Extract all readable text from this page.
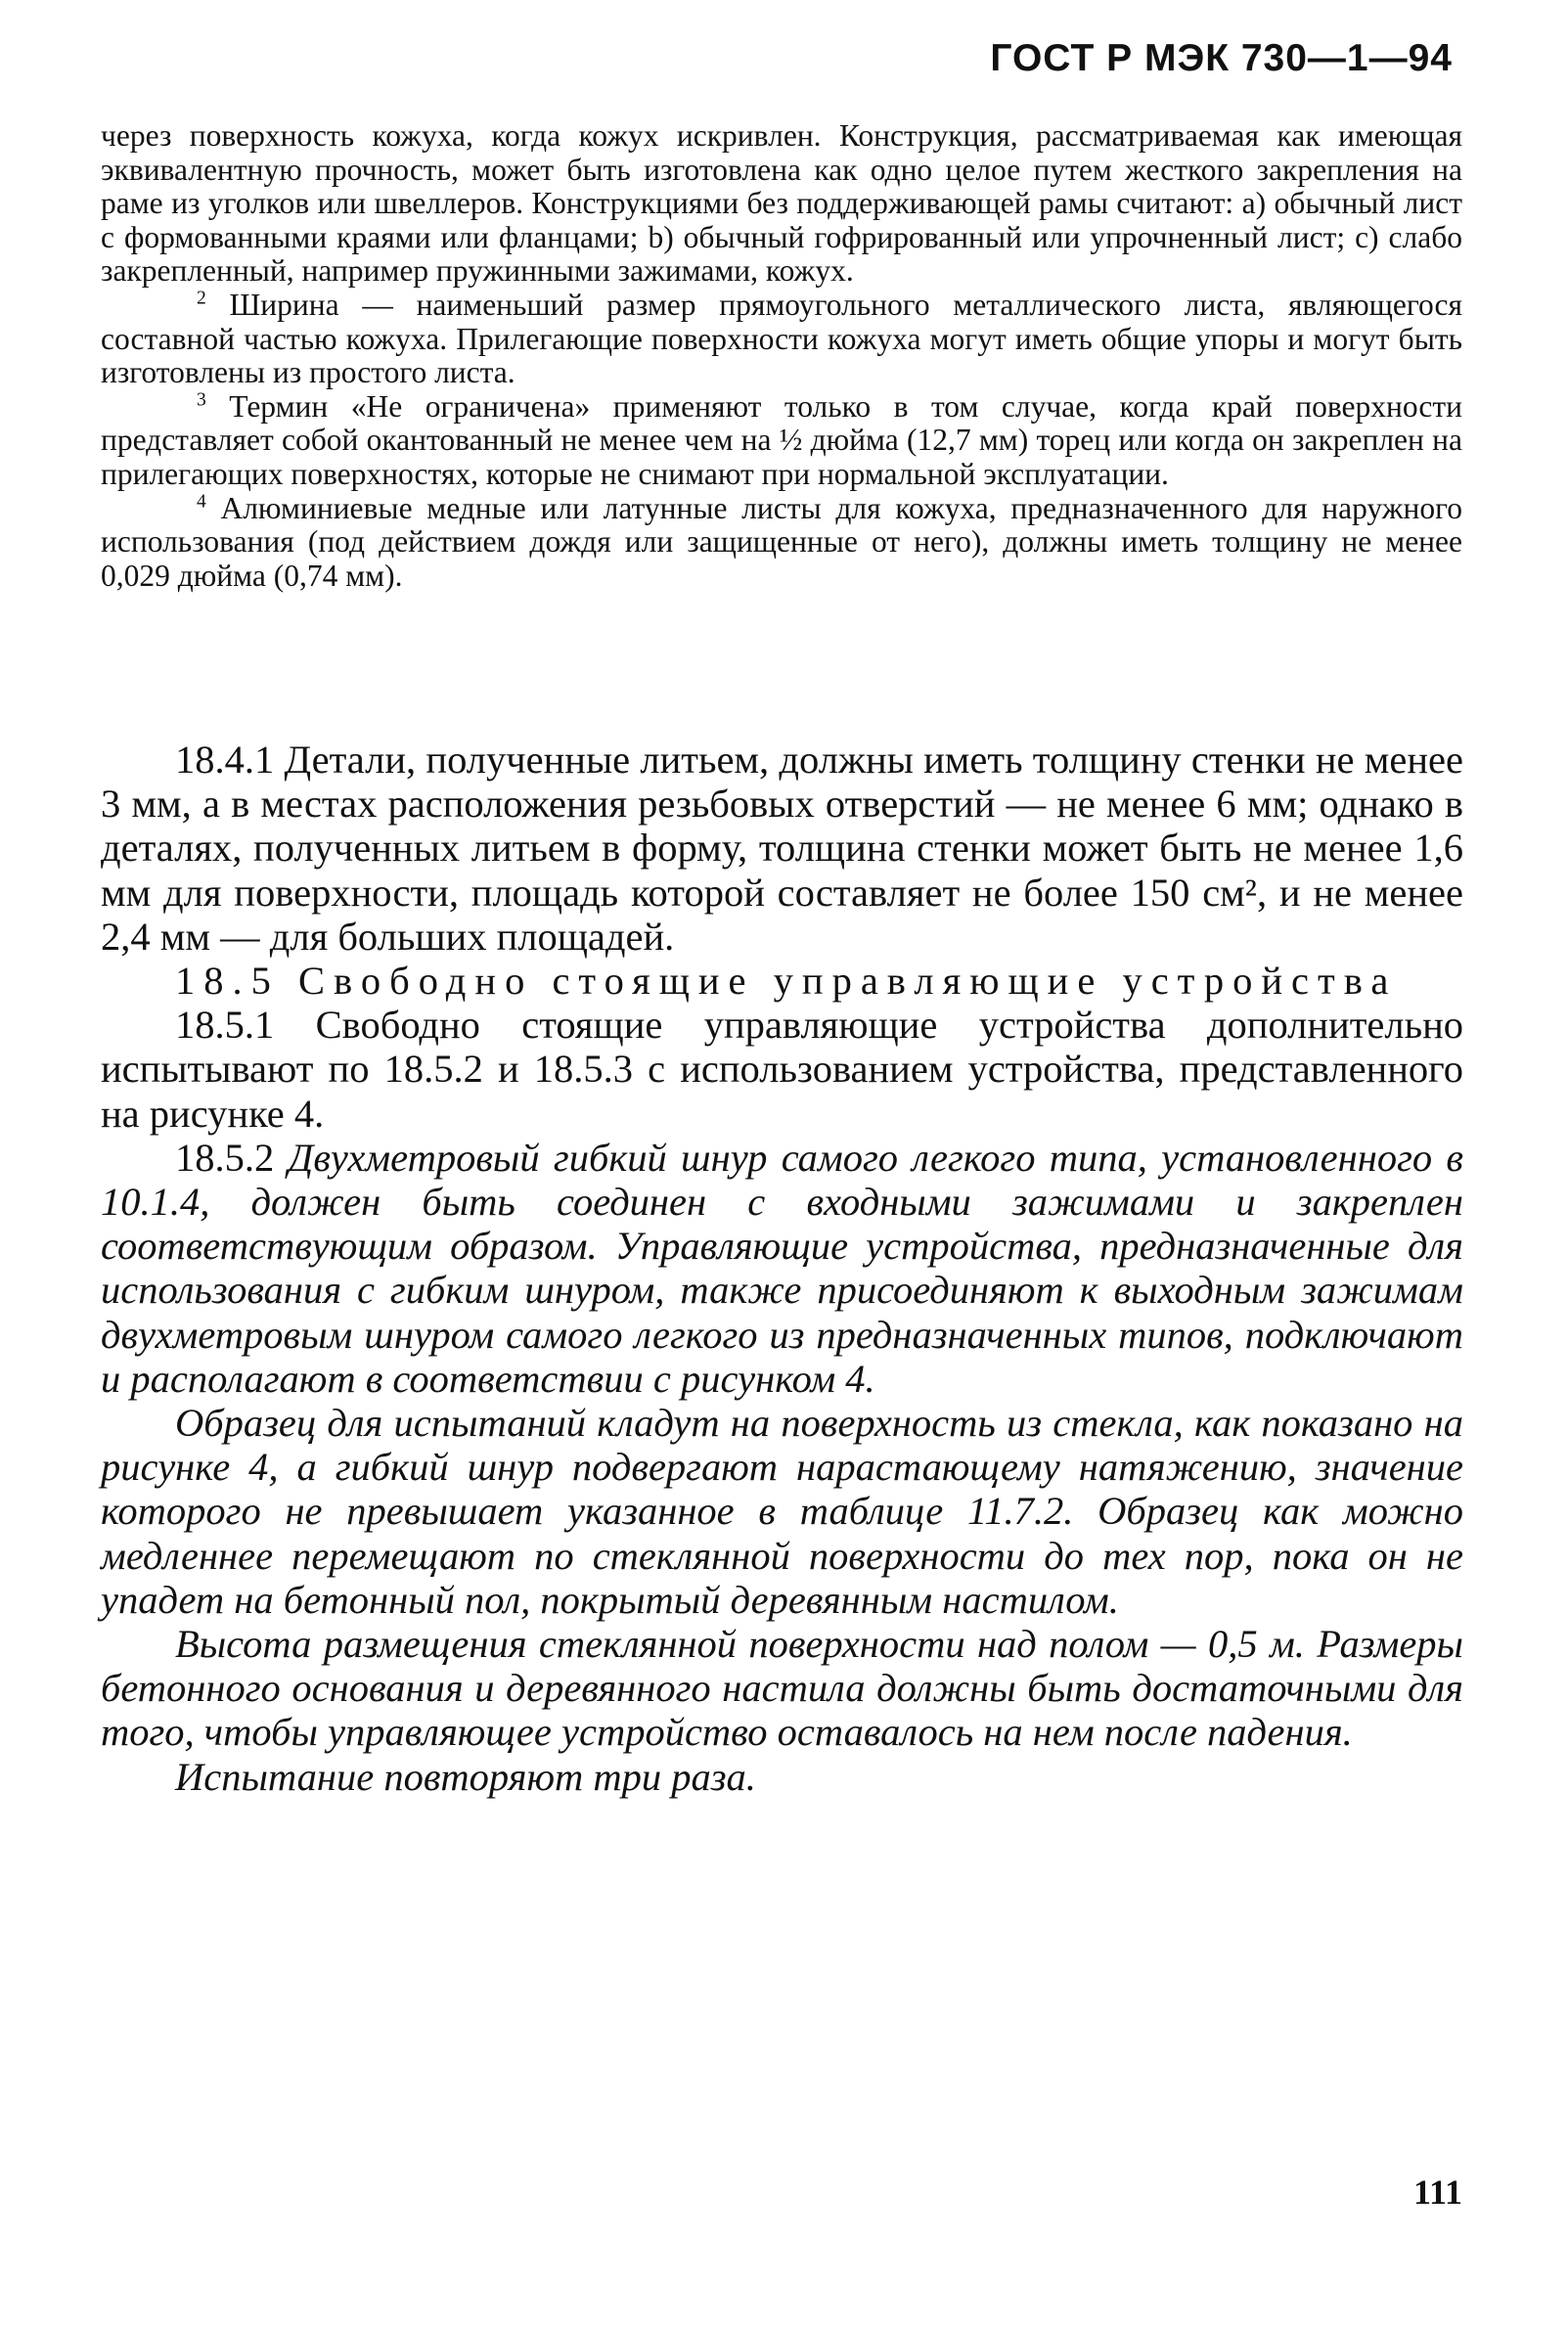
ГОСТ Р МЭК 730—1—94

через поверхность кожуха, когда кожух искривлен. Конструкция, рассматриваемая как имеющая эквивалентную прочность, может быть изготовлена как одно целое путем жесткого закрепления на раме из уголков или швеллеров. Конструкциями без поддерживающей рамы считают: а) обычный лист с формованными краями или фланцами; b) обычный гофрированный или упрочненный лист; с) слабо закрепленный, например пружинными зажимами, кожух.

$^2$ Ширина — наименьший размер прямоугольного металлического листа, являющегося составной частью кожуха. Прилегающие поверхности кожуха могут иметь общие упоры и могут быть изготовлены из простого листа.

$^3$ Термин «Не ограничена» применяют только в том случае, когда край поверхности представляет собой окантованный не менее чем на ½ дюйма (12,7 мм) торец или когда он закреплен на прилегающих поверхностях, которые не снимают при нормальной эксплуатации.

$^4$ Алюминиевые медные или латунные листы для кожуха, предназначенного для наружного использования (под действием дождя или защищенные от него), должны иметь толщину не менее 0,029 дюйма (0,74 мм).

18.4.1 Детали, полученные литьем, должны иметь толщину стенки не менее 3 мм, а в местах расположения резьбовых отверстий — не менее 6 мм; однако в деталях, полученных литьем в форму, толщина стенки может быть не менее 1,6 мм для поверхности, площадь которой составляет не более 150 см², и не менее 2,4 мм — для больших площадей.

18.5 Свободно стоящие управляющие устройства

18.5.1 Свободно стоящие управляющие устройства дополнительно испытывают по 18.5.2 и 18.5.3 с использованием устройства, представленного на рисунке 4.

18.5.2 Двухметровый гибкий шнур самого легкого типа, установленного в 10.1.4, должен быть соединен с входными зажимами и закреплен соответствующим образом. Управляющие устройства, предназначенные для использования с гибким шнуром, также присоединяют к выходным зажимам двухметровым шнуром самого легкого из предназначенных типов, подключают и располагают в соответствии с рисунком 4.

Образец для испытаний кладут на поверхность из стекла, как показано на рисунке 4, а гибкий шнур подвергают нарастающему натяжению, значение которого не превышает указанное в таблице 11.7.2. Образец как можно медленнее перемещают по стеклянной поверхности до тех пор, пока он не упадет на бетонный пол, покрытый деревянным настилом.

Высота размещения стеклянной поверхности над полом — 0,5 м. Размеры бетонного основания и деревянного настила должны быть достаточными для того, чтобы управляющее устройство оставалось на нем после падения.

Испытание повторяют три раза.

111
